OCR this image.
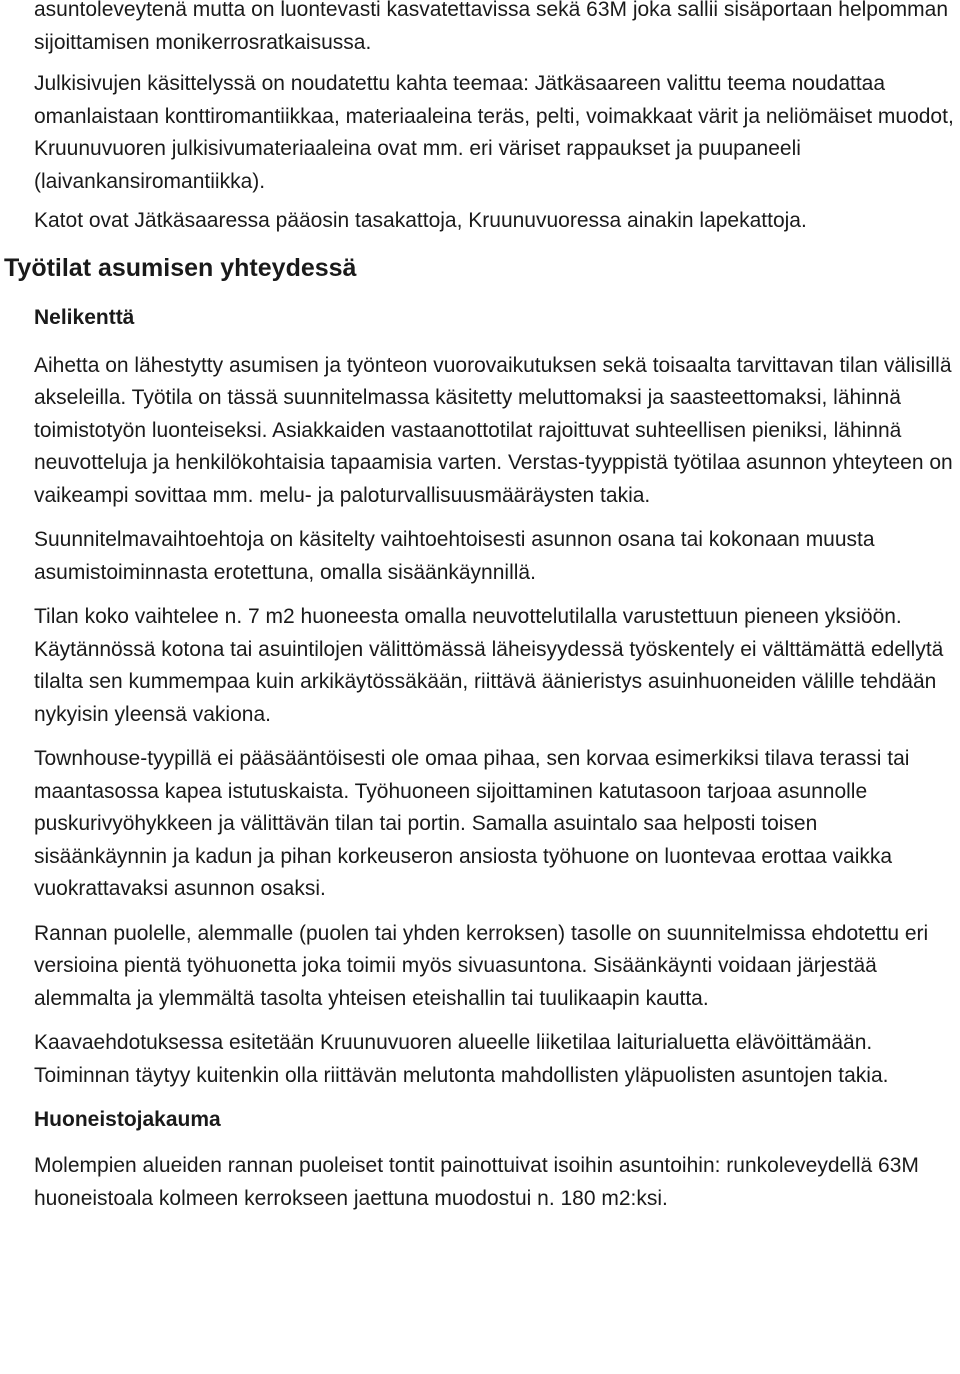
asuntoleveytenä mutta on luontevasti kasvatettavissa sekä 63M joka sallii sisäportaan helpomman sijoittamisen monikerrosratkaisussa.

Julkisivujen käsittelyssä on noudatettu kahta teemaa: Jätkäsaareen valittu teema noudattaa omanlaistaan konttiromantiikkaa, materiaaleina teräs, pelti, voimakkaat värit ja neliömäiset muodot, Kruunuvuoren julkisivumateriaaleina ovat mm. eri väriset rappaukset ja puupaneeli (laivankansiromantiikka).

Katot ovat Jätkäsaaressa pääosin tasakattoja, Kruunuvuoressa ainakin lapekattoja.

Työtilat asumisen yhteydessä
Nelikenttä

Aihetta on lähestytty asumisen ja työnteon vuorovaikutuksen sekä toisaalta tarvittavan tilan välisillä akseleilla. Työtila on tässä suunnitelmassa käsitetty meluttomaksi ja saasteettomaksi, lähinnä toimistotyön luonteiseksi. Asiakkaiden vastaanottotilat rajoittuvat suhteellisen pieniksi, lähinnä neuvotteluja ja henkilökohtaisia tapaamisia varten. Verstas-tyyppistä työtilaa asunnon yhteyteen on vaikeampi sovittaa mm. melu- ja paloturvallisuusmääräysten takia.

Suunnitelmavaihtoehtoja on käsitelty vaihtoehtoisesti asunnon osana tai kokonaan muusta asumistoiminnasta erotettuna, omalla sisäänkäynnillä.

Tilan koko vaihtelee n. 7 m2 huoneesta omalla neuvottelutilalla varustettuun pieneen yksiöön. Käytännössä kotona tai asuintilojen välittömässä läheisyydessä työskentely ei välttämättä edellytä tilalta sen kummempaa kuin arkikäytössäkään, riittävä äänieristys asuinhuoneiden välille tehdään nykyisin yleensä vakiona.

Townhouse-tyypillä ei pääsääntöisesti ole omaa pihaa, sen korvaa esimerkiksi tilava terassi tai maantasossa kapea istutuskaista. Työhuoneen sijoittaminen katutasoon tarjoaa asunnolle puskurivyöhykkeen ja välittävän tilan tai portin. Samalla asuintalo saa helposti toisen sisäänkäynnin ja kadun ja pihan korkeuseron ansiosta työhuone on luontevaa erottaa vaikka vuokrattavaksi asunnon osaksi.

Rannan puolelle, alemmalle (puolen tai yhden kerroksen) tasolle on suunnitelmissa ehdotettu eri versioina pientä työhuonetta joka toimii myös sivuasuntona. Sisäänkäynti voidaan järjestää alemmalta ja ylemmältä tasolta yhteisen eteishallin tai tuulikaapin kautta.

Kaavaehdotuksessa esitetään Kruunuvuoren alueelle liiketilaa laiturialuetta elävöittämään. Toiminnan täytyy kuitenkin olla riittävän melutonta mahdollisten yläpuolisten asuntojen takia.

Huoneistojakauma

Molempien alueiden rannan puoleiset tontit painottuivat isoihin asuntoihin: runkoleveydellä 63M huoneistoala kolmeen kerrokseen jaettuna muodostui n. 180 m2:ksi.
